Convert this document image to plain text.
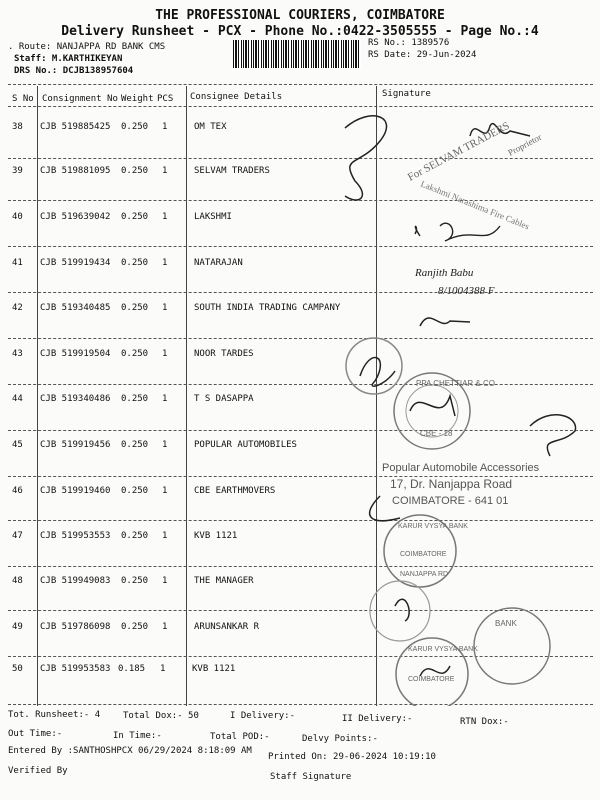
THE PROFESSIONAL COURIERS, COIMBATORE
Delivery Runsheet - PCX - Phone No.:0422-3505555 - Page No.:4
. Route: NANJAPPA RD BANK CMS
Staff: M.KARTHIKEYAN
DRS No.: DCJB138957604
RS No.: 1389576
RS Date: 29-Jun-2024
S No Consignment No Weight PCS Consignee Details	Signature
38 CJB 519885425 0.250 1	OM TEX
39 CJB 519881095 0.250 1	SELVAM TRADERS
40 CJB 519639042 0.250 1	LAKSHMI
41 CJB 519919434 0.250 1	NATARAJAN
42 CJB 519340485 0.250 1	SOUTH INDIA TRADING CAMPANY
43 CJB 519919504 0.250 1	NOOR TARDES
44 CJB 519340486 0.250 1	T S DASAPPA
45 CJB 519919456 0.250 1	POPULAR AUTOMOBILES
46 CJB 519919460 0.250 1	CBE EARTHMOVERS
47 CJB 519953553 0.250 1	KVB 1121
48 CJB 519949083 0.250 1	THE MANAGER
49 CJB 519786098 0.250 1	ARUNSANKAR R
50 CJB 519953583 0.185 1	KVB 1121
For SELVAM TRADERS
Proprietor
Lakshmi Narashima Fire Cables
Ranjith Babu
8/1004388 F
PPA CHETTIAR & CO
CBE - 18
Popular Automobile Accessories
17, Dr. Nanjappa Road
COIMBATORE - 641 01
KARUR VYSYA BANK
COIMBATORE
NANJAPPA RD
BANK
KARUR VYSYA BANK
COIMBATORE
Tot. Runsheet:- 4	Total Dox:- 50	I Delivery:-	II Delivery:-	RTN Dox:-
Out Time:-	In Time:-	Total POD:-	Delvy Points:-
Entered By :SANTHOSHPCX 06/29/2024 8:18:09 AM
Printed On: 29-06-2024 10:19:10
Verified By
Staff Signature
